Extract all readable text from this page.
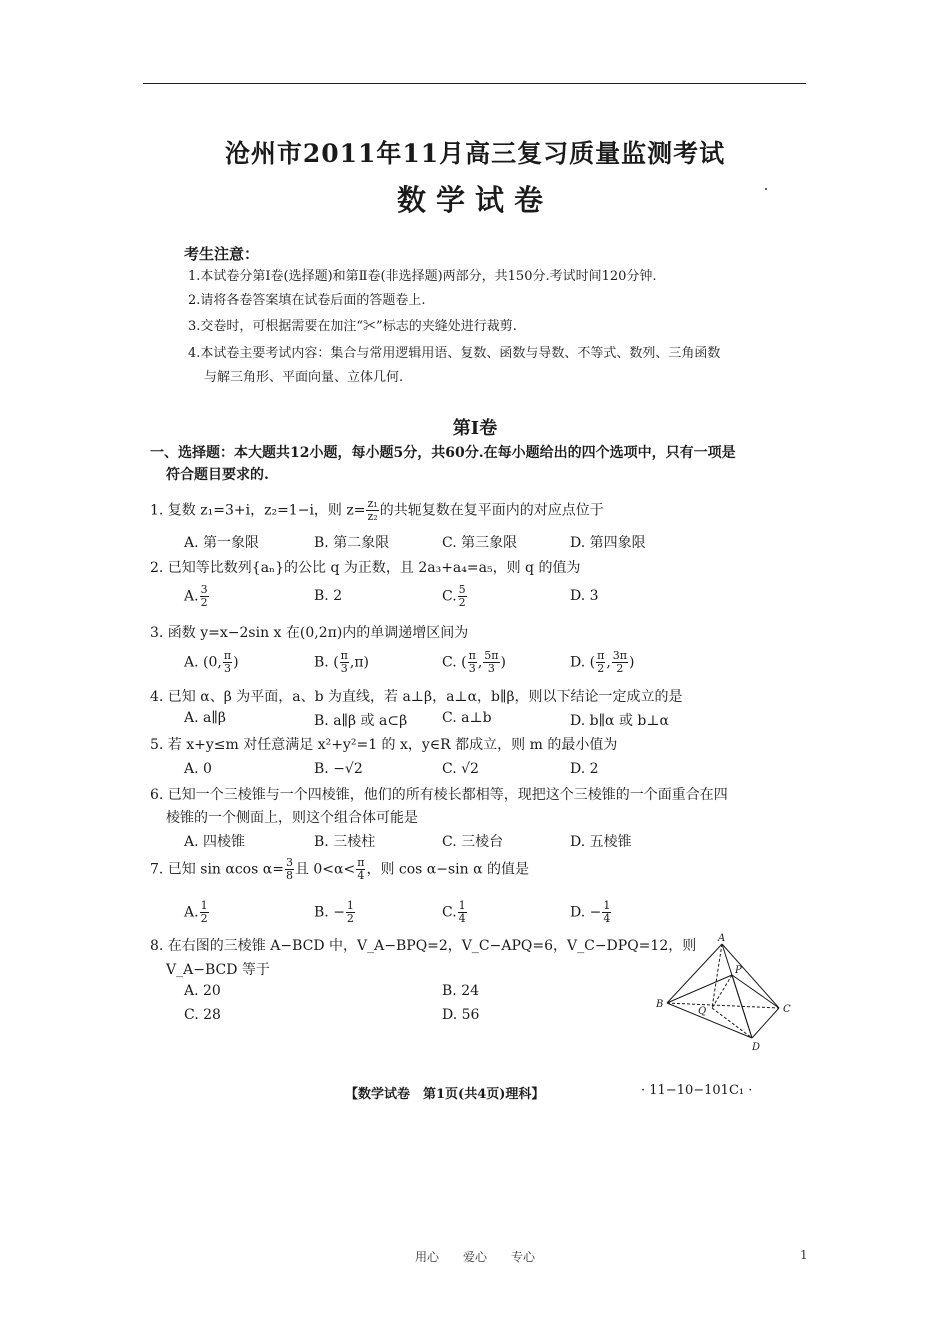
沧州市2011年11月高三复习质量监测考试
数学试卷
考生注意：
1.本试卷分第Ⅰ卷(选择题)和第Ⅱ卷(非选择题)两部分，共150分.考试时间120分钟.
2.请将各卷答案填在试卷后面的答题卷上.
3.交卷时，可根据需要在加注“✂”标志的夹缝处进行裁剪.
4.本试卷主要考试内容：集合与常用逻辑用语、复数、函数与导数、不等式、数列、三角函数
与解三角形、平面向量、立体几何.
第Ⅰ卷
一、选择题：本大题共12小题，每小题5分，共60分.在每小题给出的四个选项中，只有一项是
符合题目要求的.
1. 复数 z₁=3+i，z₂=1−i，则 $z= \frac{\text{z₁}}{\text{z₂}}$ 的共轭复数在复平面内的对应点位于
A. 第一象限	B. 第二象限	C. 第三象限	D. 第四象限
2. 已知等比数列{aₙ}的公比 q 为正数，且 2a₃+a₄=a₅，则 q 的值为
A. $\frac{3}{2}$	B. 2	C. $\frac{5}{2}$	D. 3
3. 函数 y=x−2sin x 在(0,2π)内的单调递增区间为
A. (0, $\frac{\pi}{3}$ )	B. ( $\frac{\pi}{3} ,\pi$)	C. ( $\frac{\pi}{3}$ , $\frac{5\pi}{3}$ )	D. ( $\frac{\pi}{2}$ , $\frac{3\pi}{2}$ )
4. 已知 α、β 为平面，a、b 为直线，若 a⊥β，a⊥α，b∥β，则以下结论一定成立的是
A. a∥β	B. a∥β 或 a⊂β C. a⊥b	D. b∥α 或 b⊥α
5. 若 x+y≤m 对任意满足 x²+y²=1 的 x，y∈R 都成立，则 m 的最小值为
A. 0	B. −√2	C. √2	D. 2
6. 已知一个三棱锥与一个四棱锥，他们的所有棱长都相等，现把这个三棱锥的一个面重合在四
棱锥的一个侧面上，则这个组合体可能是
A. 四棱锥	B. 三棱柱	C. 三棱台	D. 五棱锥
7. 已知 sin αcos $\alpha= \frac{3}{8}$ 且 $0<\alpha< \frac{\pi}{4}$ ，则 cos α−sin α 的值是
A. $\frac{1}{2}$	B. − $\frac{1}{2}$	C. $\frac{1}{4}$	D. − $\frac{1}{4}$
8. 在右图的三棱锥 A−BCD 中，V_A−BPQ=2，V_C−APQ=6，V_C−DPQ=12，则
V_A−BCD 等于
A. 20	B. 24
C. 28	D. 56
A
P
B
Q	C
D
【数学试卷　第1页(共4页)理科】	· 11−10−101C₁ ·
用心　　爱心　　专心	1
